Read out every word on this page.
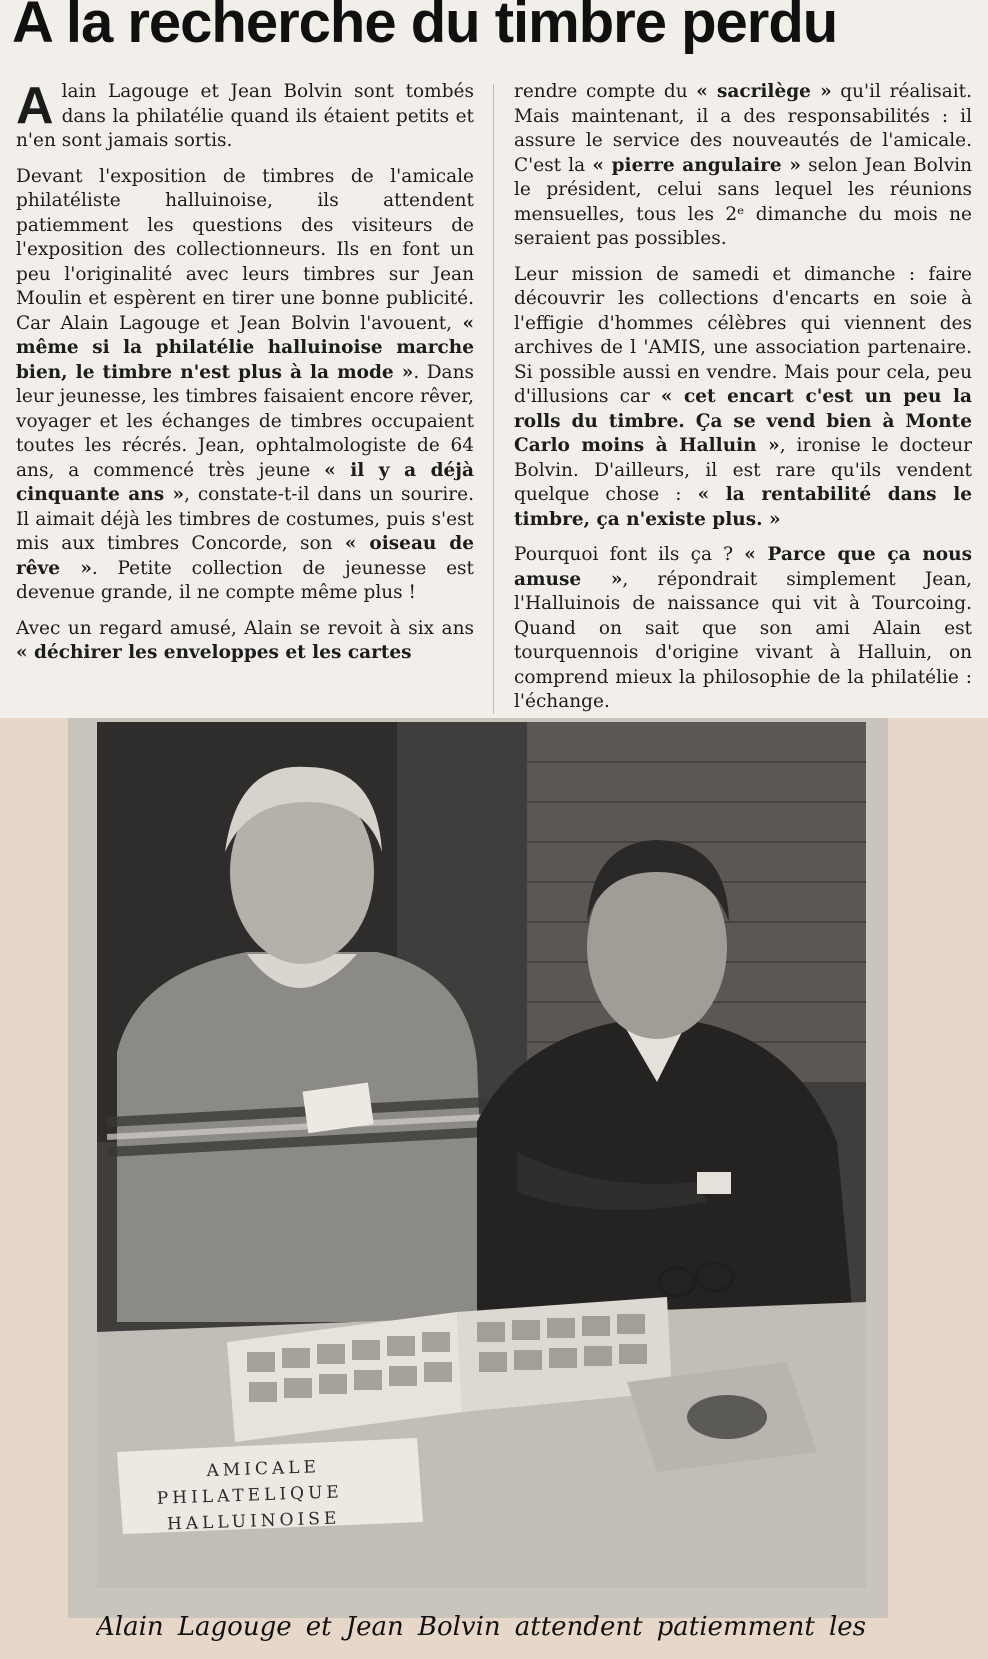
A la recherche du timbre perdu

Alain Lagouge et Jean Bolvin sont tombés dans la philatélie quand ils étaient petits et n'en sont jamais sortis.

Devant l'exposition de timbres de l'amicale philatéliste halluinoise, ils attendent patiemment les questions des visiteurs de l'exposition des collectionneurs. Ils en font un peu l'originalité avec leurs timbres sur Jean Moulin et espèrent en tirer une bonne publicité. Car Alain Lagouge et Jean Bolvin l'avouent, « même si la philatélie halluinoise marche bien, le timbre n'est plus à la mode ». Dans leur jeunesse, les timbres faisaient encore rêver, voyager et les échanges de timbres occupaient toutes les récrés. Jean, ophtalmologiste de 64 ans, a commencé très jeune « il y a déjà cinquante ans », constate-t-il dans un sourire. Il aimait déjà les timbres de costumes, puis s'est mis aux timbres Concorde, son « oiseau de rêve ». Petite collection de jeunesse est devenue grande, il ne compte même plus !

Avec un regard amusé, Alain se revoit à six ans « déchirer les enveloppes et les cartes

rendre compte du « sacrilège » qu'il réalisait. Mais maintenant, il a des responsabilités : il assure le service des nouveautés de l'amicale. C'est la « pierre angulaire » selon Jean Bolvin le président, celui sans lequel les réunions mensuelles, tous les 2ᵉ dimanche du mois ne seraient pas possibles.

Leur mission de samedi et dimanche : faire découvrir les collections d'encarts en soie à l'effigie d'hommes célèbres qui viennent des archives de l 'AMIS, une association partenaire. Si possible aussi en vendre. Mais pour cela, peu d'illusions car « cet encart c'est un peu la rolls du timbre. Ça se vend bien à Monte Carlo moins à Halluin », ironise le docteur Bolvin. D'ailleurs, il est rare qu'ils vendent quelque chose : « la rentabilité dans le timbre, ça n'existe plus. »

Pourquoi font ils ça ? « Parce que ça nous amuse », répondrait simplement Jean, l'Halluinois de naissance qui vit à Tourcoing. Quand on sait que son ami Alain est tourquennois d'origine vivant à Halluin, on comprend mieux la philosophie de la philatélie : l'échange.

AMICALE
PHILATELIQUE
HALLUINOISE

Alain Lagouge et Jean Bolvin attendent patiemment les
